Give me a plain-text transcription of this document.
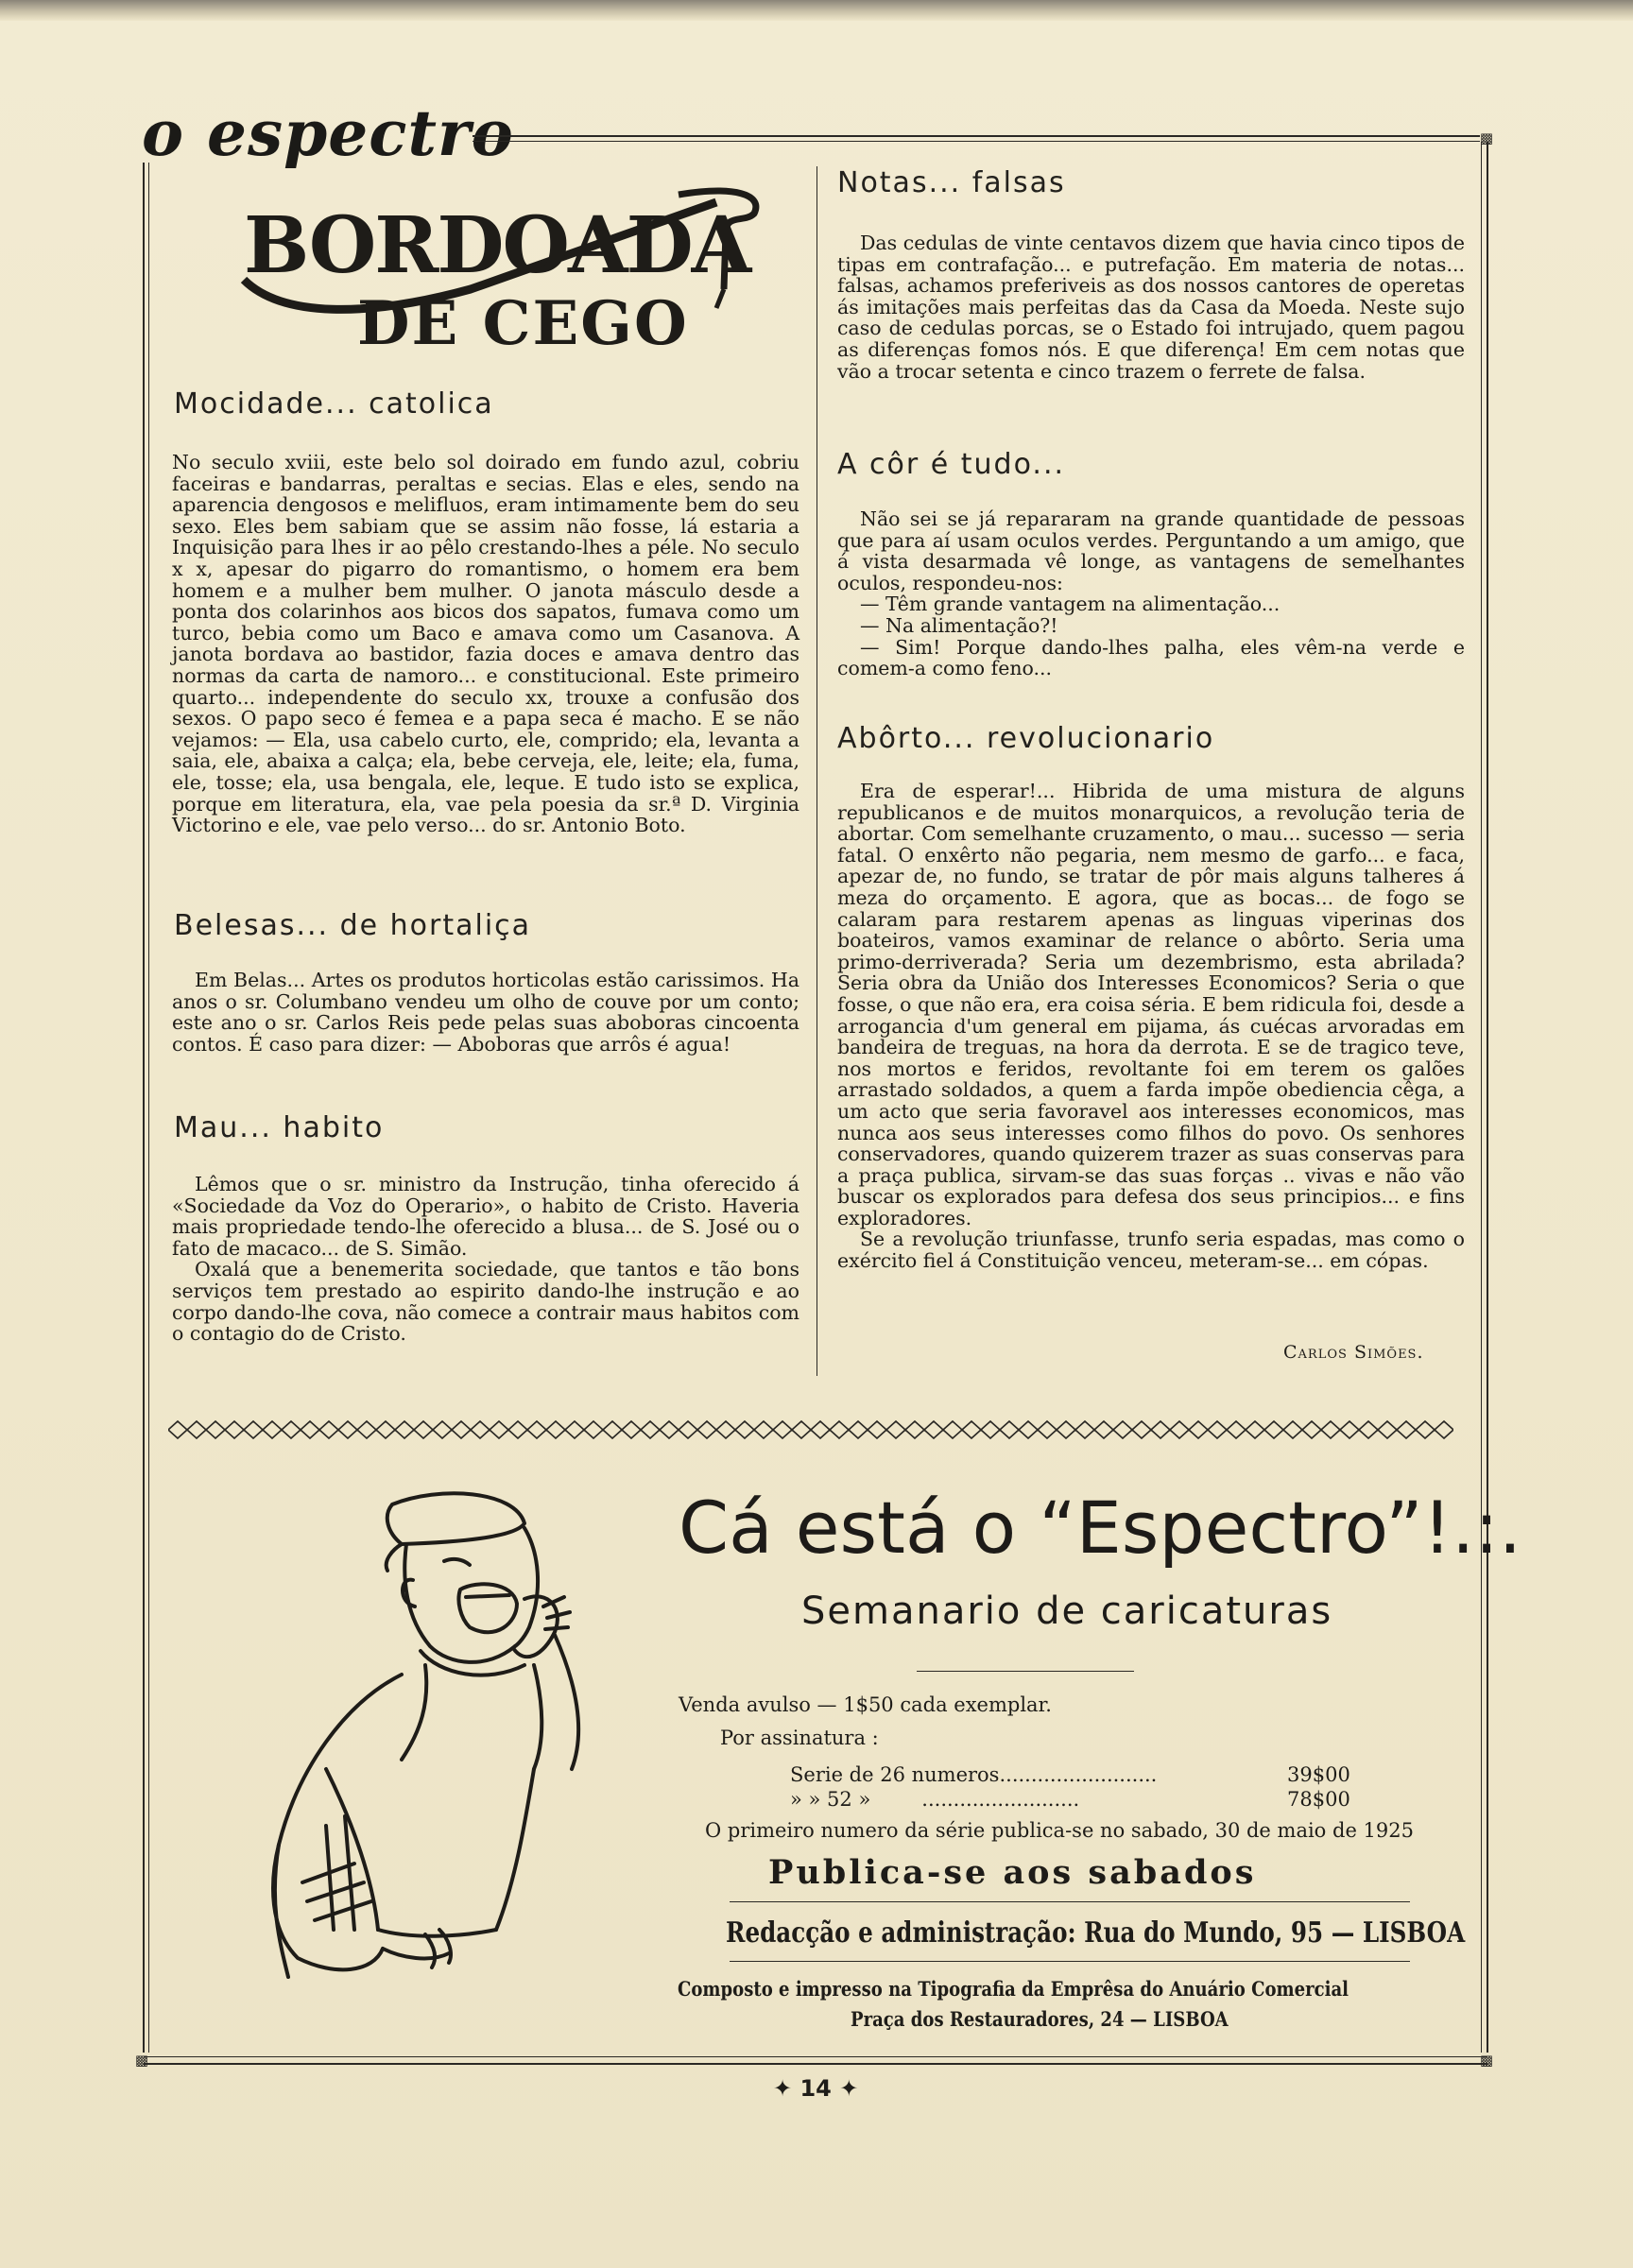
o espectro	▩
▩	▩
BORDOADA
DE CEGO
Mocidade... catolica

No seculo xviii, este belo sol doirado em fundo azul, cobriu faceiras e bandarras, peraltas e secias. Elas e eles, sendo na aparencia dengosos e melifluos, eram intimamente bem do seu sexo. Eles bem sabiam que se assim não fosse, lá estaria a Inquisição para lhes ir ao pêlo crestando-lhes a péle. No seculo x x, apesar do pigarro do romantismo, o homem era bem homem e a mulher bem mulher. O janota másculo desde a ponta dos colarinhos aos bicos dos sapatos, fumava como um turco, bebia como um Baco e amava como um Casanova. A janota bordava ao bastidor, fazia doces e amava dentro das normas da carta de namoro... e constitucional. Este primeiro quarto... independente do seculo xx, trouxe a confusão dos sexos. O papo seco é femea e a papa seca é macho. E se não vejamos: — Ela, usa cabelo curto, ele, comprido; ela, levanta a saia, ele, abaixa a calça; ela, bebe cerveja, ele, leite; ela, fuma, ele, tosse; ela, usa bengala, ele, leque. E tudo isto se explica, porque em literatura, ela, vae pela poesia da sr.ª D. Virginia Victorino e ele, vae pelo verso... do sr. Antonio Boto.

Belesas... de hortaliça

Em Belas... Artes os produtos horticolas estão carissimos. Ha anos o sr. Columbano vendeu um olho de couve por um conto; este ano o sr. Carlos Reis pede pelas suas aboboras cincoenta contos. É caso para dizer: — Aboboras que arrôs é agua!

Mau... habito

Lêmos que o sr. ministro da Instrução, tinha oferecido á «Sociedade da Voz do Operario», o habito de Cristo. Haveria mais propriedade tendo-lhe oferecido a blusa... de S. José ou o fato de macaco... de S. Simão.

Oxalá que a benemerita sociedade, que tantos e tão bons serviços tem prestado ao espirito dando-lhe instrução e ao corpo dando-lhe cova, não comece a contrair maus habitos com o contagio do de Cristo.

Notas... falsas

Das cedulas de vinte centavos dizem que havia cinco tipos de tipas em contrafação... e putrefação. Em materia de notas... falsas, achamos preferiveis as dos nossos cantores de operetas ás imitações mais perfeitas das da Casa da Moeda. Neste sujo caso de cedulas porcas, se o Estado foi intrujado, quem pagou as diferenças fomos nós. E que diferença! Em cem notas que vão a trocar setenta e cinco trazem o ferrete de falsa.

A côr é tudo...

Não sei se já repararam na grande quantidade de pessoas que para aí usam oculos verdes. Perguntando a um amigo, que á vista desarmada vê longe, as vantagens de semelhantes oculos, respondeu-nos:

— Têm grande vantagem na alimentação...

— Na alimentação?!

— Sim! Porque dando-lhes palha, eles vêm-na verde e comem-a como feno...

Abôrto... revolucionario

Era de esperar!... Hibrida de uma mistura de alguns republicanos e de muitos monarquicos, a revolução teria de abortar. Com semelhante cruzamento, o mau... sucesso — seria fatal. O enxêrto não pegaria, nem mesmo de garfo... e faca, apezar de, no fundo, se tratar de pôr mais alguns talheres á meza do orçamento. E agora, que as bocas... de fogo se calaram para restarem apenas as linguas viperinas dos boateiros, vamos examinar de relance o abôrto. Seria uma primo-derriverada? Seria um dezembrismo, esta abrilada? Seria obra da União dos Interesses Economicos? Seria o que fosse, o que não era, era coisa séria. E bem ridicula foi, desde a arrogancia d'um general em pijama, ás cuécas arvoradas em bandeira de treguas, na hora da derrota. E se de tragico teve, nos mortos e feridos, revoltante foi em terem os galões arrastado soldados, a quem a farda impõe obediencia cêga, a um acto que seria favoravel aos interesses economicos, mas nunca aos seus interesses como filhos do povo. Os senhores conservadores, quando quizerem trazer as suas conservas para a praça publica, sirvam-se das suas forças .. vivas e não vão buscar os explorados para defesa dos seus principios... e fins exploradores.

Se a revolução triunfasse, trunfo seria espadas, mas como o exército fiel á Constituição venceu, meteram-se... em cópas.

Carlos Simões.
Cá está o “Espectro”!.:.
Semanario de caricaturas
Venda avulso — 1$50 cada exemplar.
Por assinatura :
Serie de 26 numeros.........................	39$00
» » 52 »	.........................	78$00
O primeiro numero da série publica-se no sabado, 30 de maio de 1925
Publica-se aos sabados
Redacção e administração: Rua do Mundo, 95 — LISBOA
Composto e impresso na Tipografia da Emprêsa do Anuário Comercial
Praça dos Restauradores, 24 — LISBOA
✦ 14 ✦
